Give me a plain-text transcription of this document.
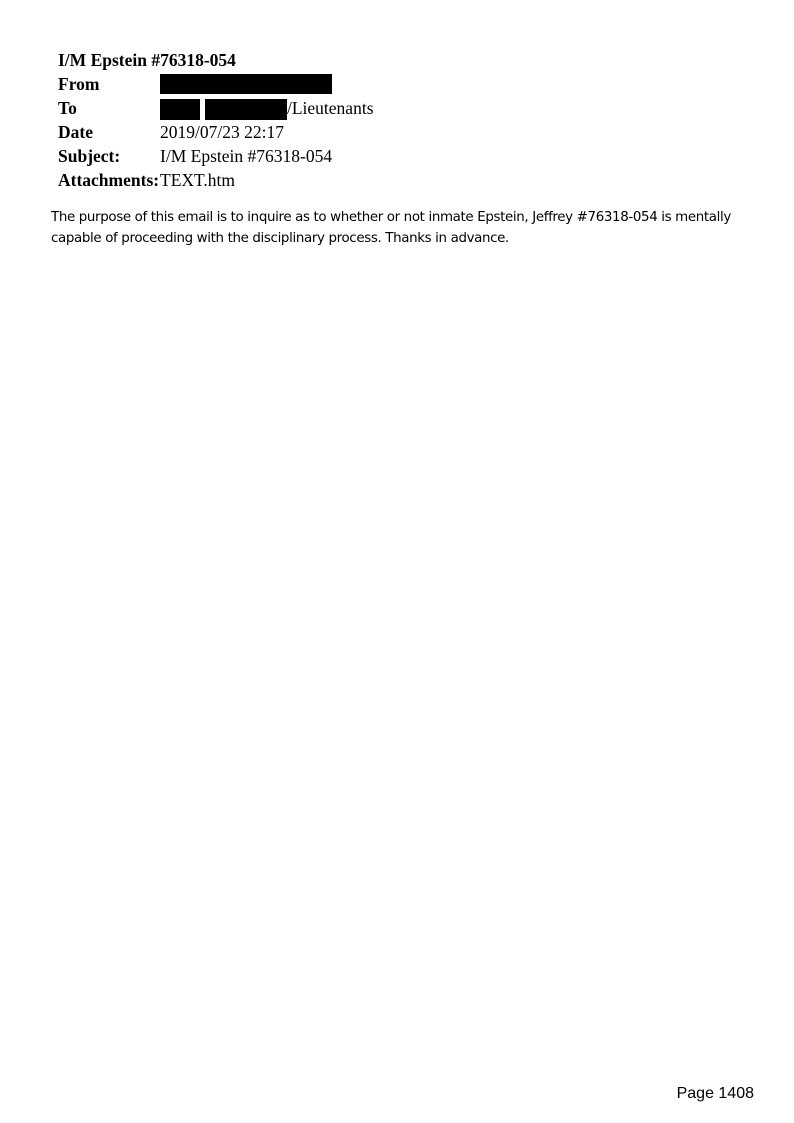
I/M Epstein #76318-054
From
To	/Lieutenants
Date	2019/07/23 22:17
Subject: I/M Epstein #76318-054
Attachments: TEXT.htm

The purpose of this email is to inquire as to whether or not inmate Epstein, Jeffrey #76318-054 is mentally capable of proceeding with the disciplinary process. Thanks in advance.

Page 1408
